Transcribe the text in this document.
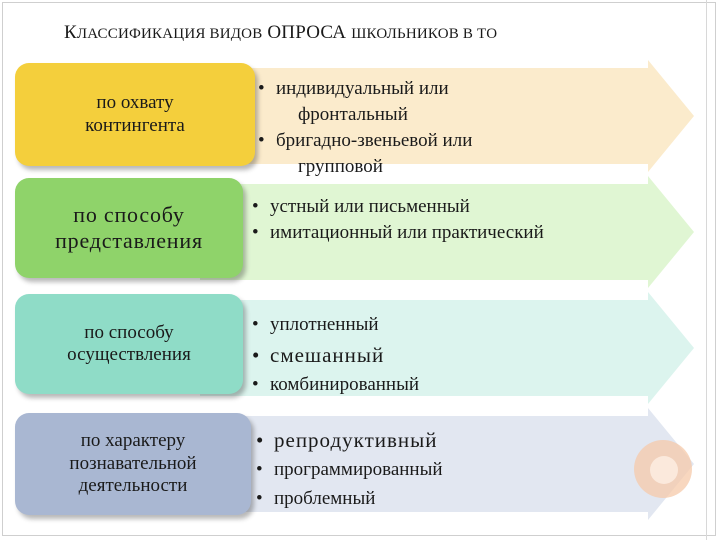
КЛАССИФИКАЦИЯ ВИДОВ ОПРОСА ШКОЛЬНИКОВ В ТО
по охвату
контингента
по способу
представления
по способу
осуществления
по характеру
познавательной
деятельности
• индивидуальный или
фронтальный
• бригадно-звеньевой или
групповой
• устный или письменный
• имитационный или практический
• уплотненный
• смешанный
• комбинированный
• репродуктивный
• программированный
• проблемный
